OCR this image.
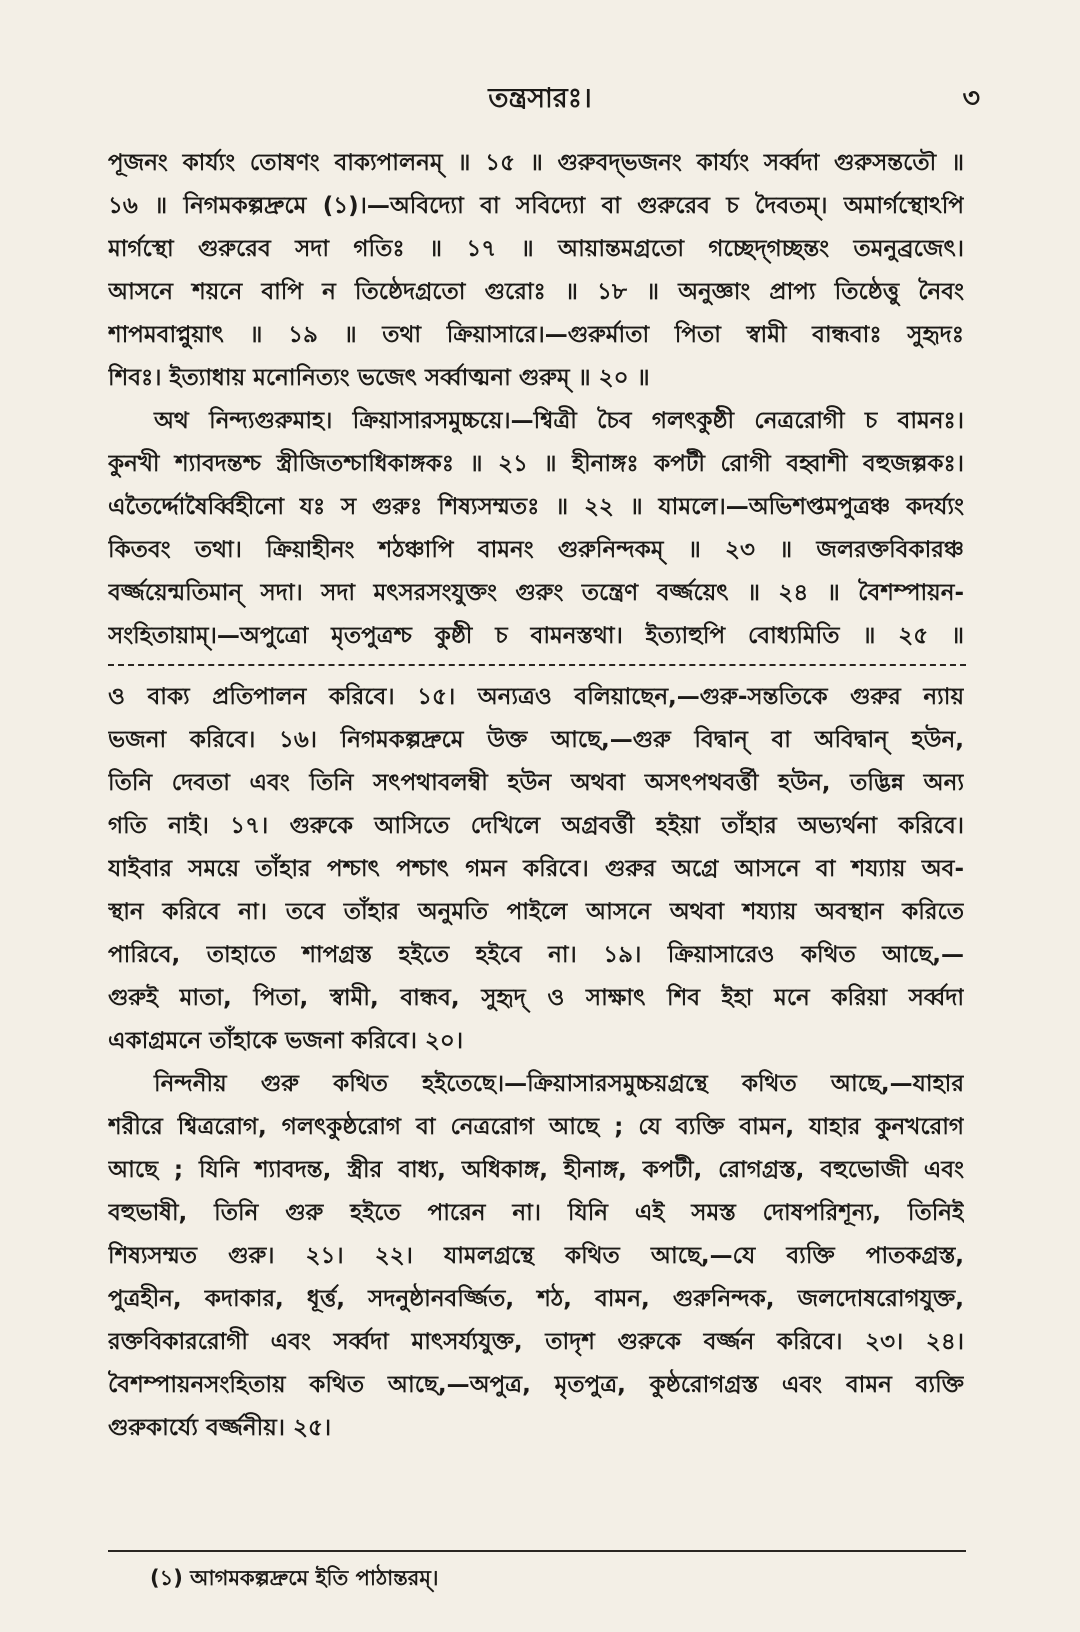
তন্ত্রসারঃ।	৩
পূজনং কাৰ্য্যং তোষণং বাক্যপালনম্ ॥ ১৫ ॥ গুরুবদ্‌ভজনং কাৰ্য্যং সৰ্ব্বদা গুরুসন্ততৌ ॥
১৬ ॥ নিগমকল্পদ্রুমে (১)।—অবিদ্যো বা সবিদ্যো বা গুরুরেব চ দৈবতম্। অমার্গস্থোঽপি
মার্গস্থো গুরুরেব সদা গতিঃ ॥ ১৭ ॥ আয়ান্তমগ্রতো গচ্ছেদ্‌গচ্ছন্তং তমনুব্রজেৎ।
আসনে শয়নে বাপি ন তিষ্ঠেদগ্রতো গুরোঃ ॥ ১৮ ॥ অনুজ্ঞাং প্রাপ্য তিষ্ঠেত্তু নৈবং
শাপমবাপ্নুয়াৎ ॥ ১৯ ॥ তথা ক্রিয়াসারে।—গুরুর্মাতা পিতা স্বামী বান্ধবাঃ সুহৃদঃ
শিবঃ। ইত্যাধায় মনোনিত্যং ভজেৎ সৰ্ব্বাত্মনা গুরুম্ ॥ ২০ ॥
অথ নিন্দ্যগুরুমাহ। ক্রিয়াসারসমুচ্চয়ে।—শ্বিত্রী চৈব গলৎকুষ্ঠী নেত্ররোগী চ বামনঃ।
কুনখী শ্যাবদন্তশ্চ স্ত্রীজিতশ্চাধিকাঙ্গকঃ ॥ ২১ ॥ হীনাঙ্গঃ কপটী রোগী বহ্বাশী বহুজল্পকঃ।
এতৈর্দ্দোষৈর্ব্বিহীনো যঃ স গুরুঃ শিষ্যসম্মতঃ ॥ ২২ ॥ যামলে।—অভিশপ্তমপুত্রঞ্চ কদর্য্যং
কিতবং তথা। ক্রিয়াহীনং শঠঞ্চাপি বামনং গুরুনিন্দকম্ ॥ ২৩ ॥ জলরক্তবিকারঞ্চ
বর্জ্জয়েন্মতিমান্ সদা। সদা মৎসরসংযুক্তং গুরুং তন্ত্রেণ বর্জ্জয়েৎ ॥ ২৪ ॥ বৈশম্পায়ন-
সংহিতায়াম্।—অপুত্রো মৃতপুত্রশ্চ কুষ্ঠী চ বামনস্তথা। ইত্যাহুপি বোধ্যমিতি ॥ ২৫ ॥
ও বাক্য প্রতিপালন করিবে। ১৫। অন্যত্রও বলিয়াছেন,—গুরু-সন্ততিকে গুরুর ন্যায়
ভজনা করিবে। ১৬। নিগমকল্পদ্রুমে উক্ত আছে,—গুরু বিদ্বান্ বা অবিদ্বান্ হউন,
তিনি দেবতা এবং তিনি সৎপথাবলম্বী হউন অথবা অসৎপথবর্ত্তী হউন, তদ্ভিন্ন অন্য
গতি নাই। ১৭। গুরুকে আসিতে দেখিলে অগ্রবর্ত্তী হইয়া তাঁহার অভ্যর্থনা করিবে।
যাইবার সময়ে তাঁহার পশ্চাৎ পশ্চাৎ গমন করিবে। গুরুর অগ্রে আসনে বা শয্যায় অব-
স্থান করিবে না। তবে তাঁহার অনুমতি পাইলে আসনে অথবা শয্যায় অবস্থান করিতে
পারিবে, তাহাতে শাপগ্রস্ত হইতে হইবে না। ১৯। ক্রিয়াসারেও কথিত আছে,—
গুরুই মাতা, পিতা, স্বামী, বান্ধব, সুহৃদ্ ও সাক্ষাৎ শিব ইহা মনে করিয়া সৰ্ব্বদা
একাগ্রমনে তাঁহাকে ভজনা করিবে। ২০।
নিন্দনীয় গুরু কথিত হইতেছে।—ক্রিয়াসারসমুচ্চয়গ্রন্থে কথিত আছে,—যাহার
শরীরে শ্বিত্ররোগ, গলৎকুষ্ঠরোগ বা নেত্ররোগ আছে ; যে ব্যক্তি বামন, যাহার কুনখরোগ
আছে ; যিনি শ্যাবদন্ত, স্ত্রীর বাধ্য, অধিকাঙ্গ, হীনাঙ্গ, কপটী, রোগগ্রস্ত, বহুভোজী এবং
বহুভাষী, তিনি গুরু হইতে পারেন না। যিনি এই সমস্ত দোষপরিশূন্য, তিনিই
শিষ্যসম্মত গুরু। ২১। ২২। যামলগ্রন্থে কথিত আছে,—যে ব্যক্তি পাতকগ্রস্ত,
পুত্রহীন, কদাকার, ধূর্ত্ত, সদনুষ্ঠানবর্জ্জিত, শঠ, বামন, গুরুনিন্দক, জলদোষরোগযুক্ত,
রক্তবিকাররোগী এবং সৰ্ব্বদা মাৎসর্য্যযুক্ত, তাদৃশ গুরুকে বর্জ্জন করিবে। ২৩। ২৪।
বৈশম্পায়নসংহিতায় কথিত আছে,—অপুত্র, মৃতপুত্র, কুষ্ঠরোগগ্রস্ত এবং বামন ব্যক্তি
গুরুকার্য্যে বর্জ্জনীয়। ২৫।
(১) আগমকল্পদ্রুমে ইতি পাঠান্তরম্।
